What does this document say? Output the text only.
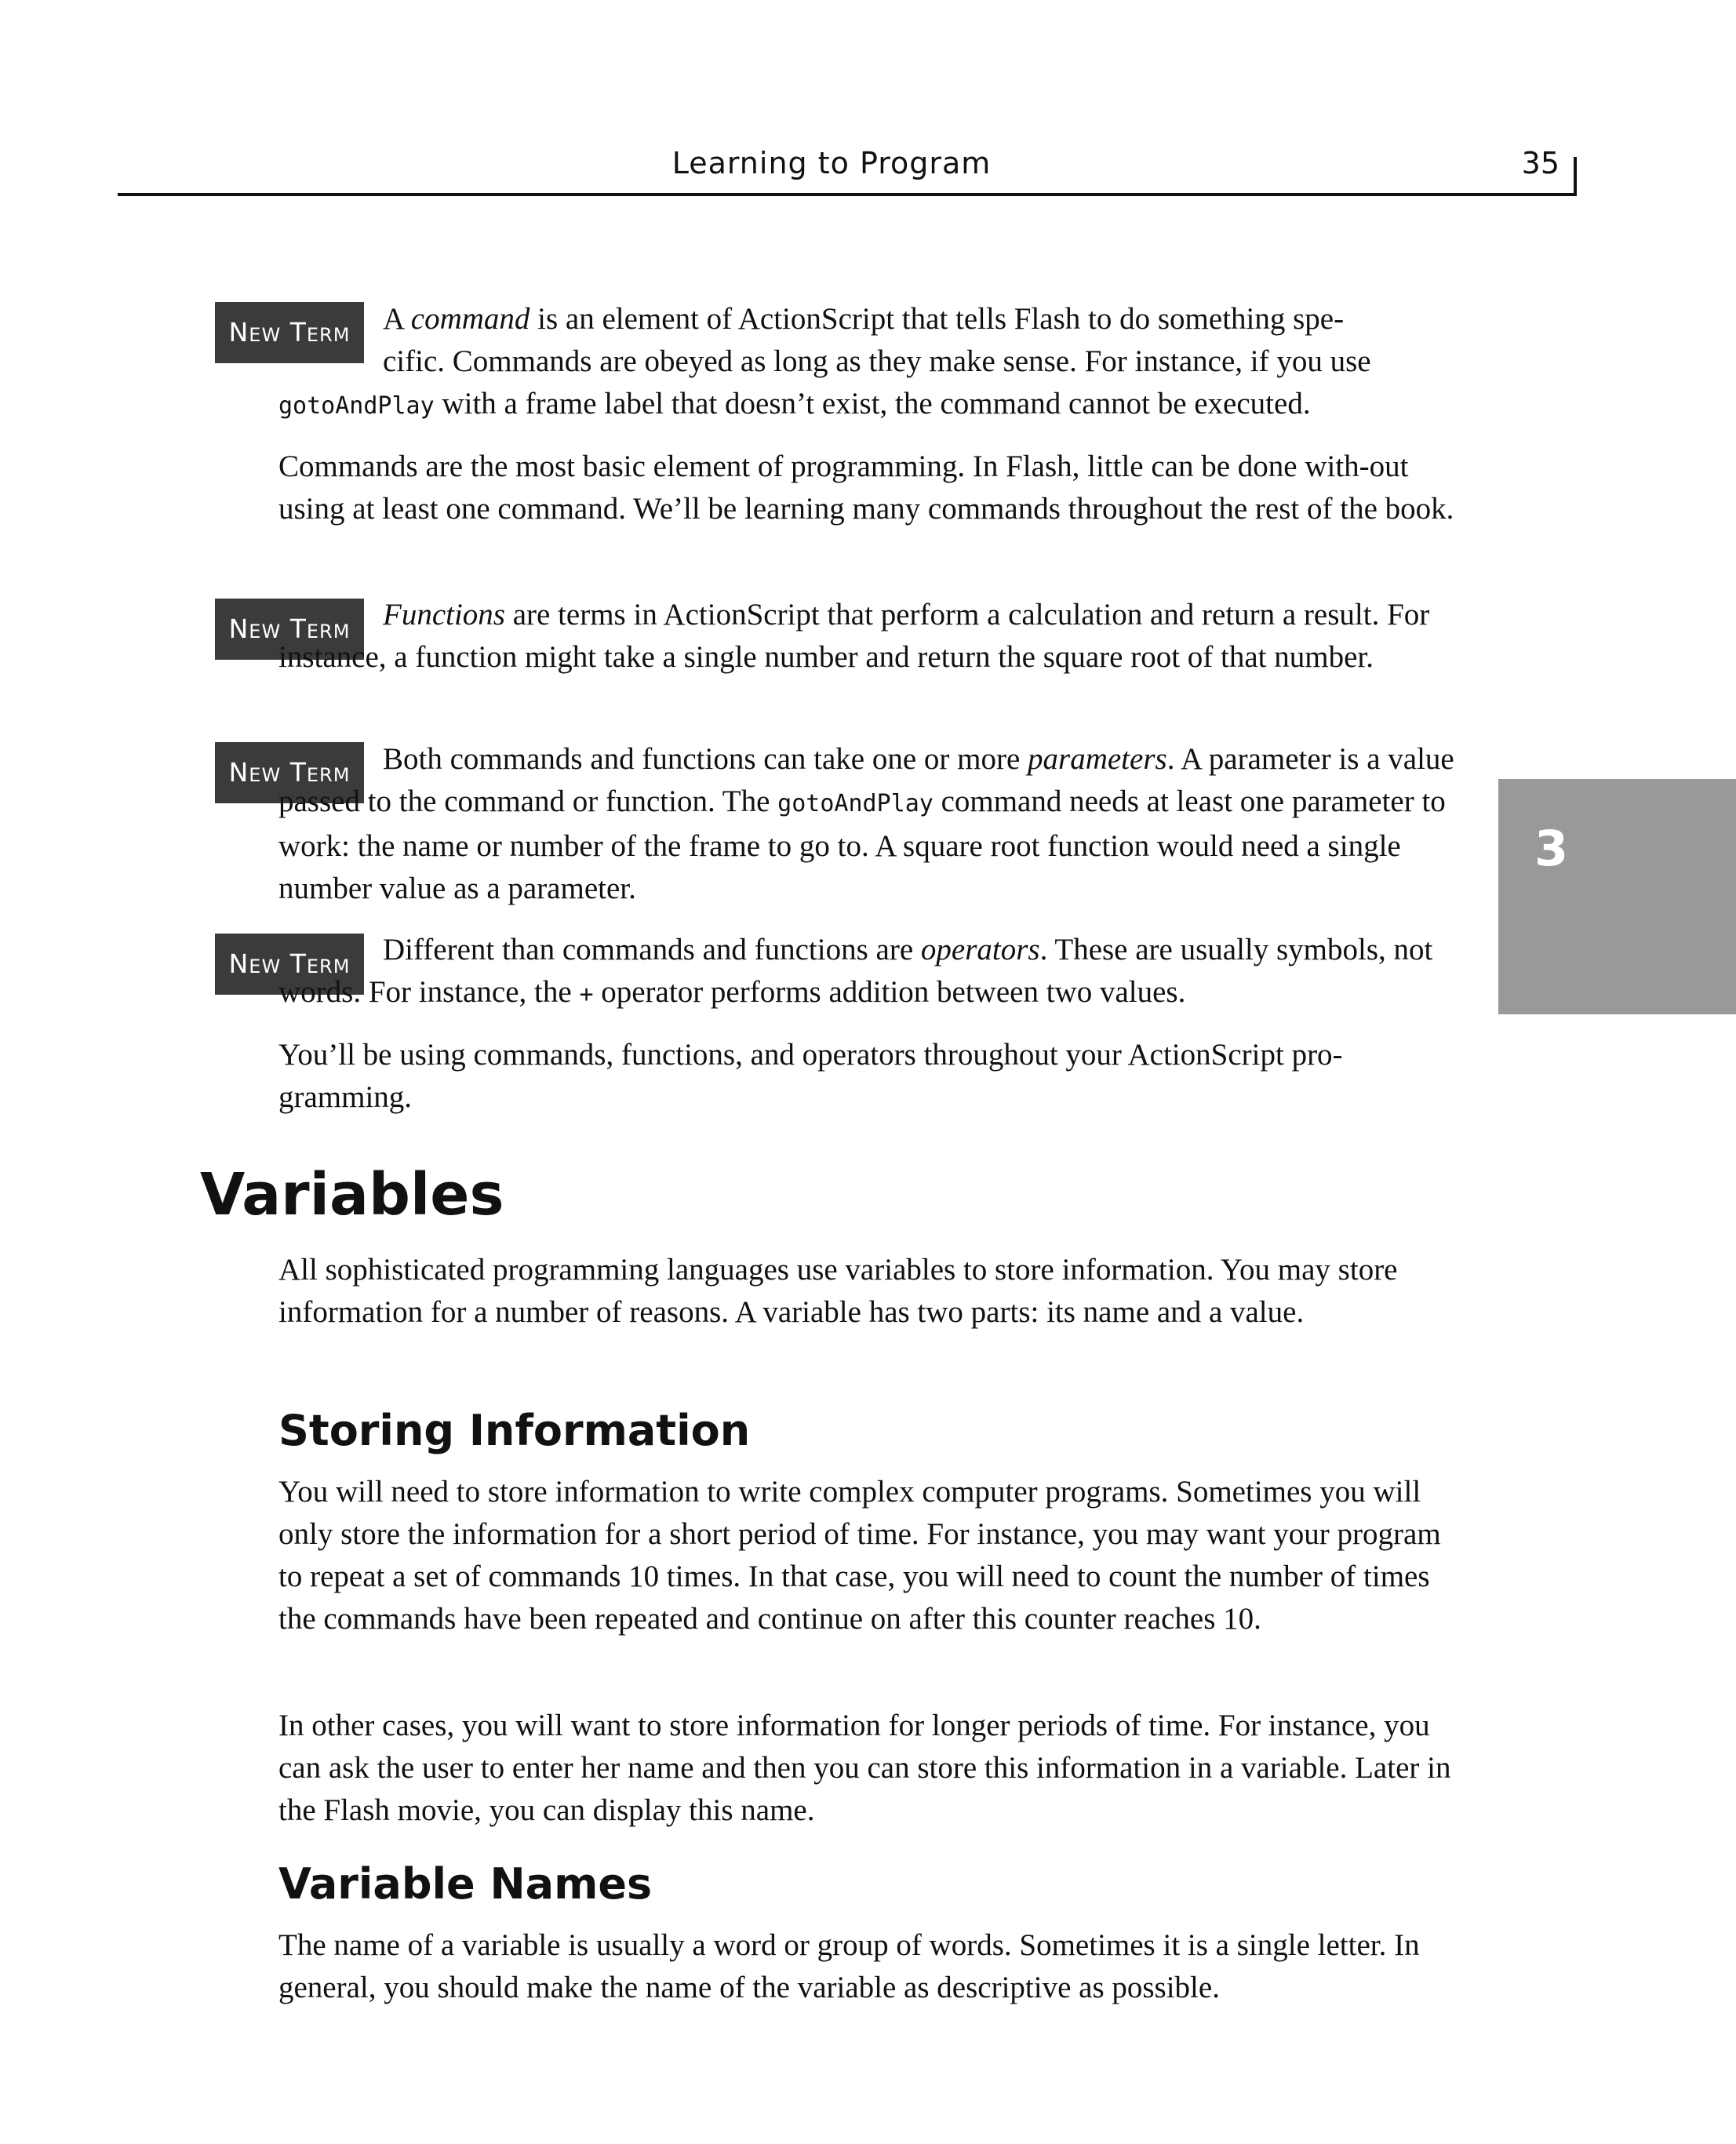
Learning to Program	35
3
NEW TERM	A command is an element of ActionScript that tells Flash to do something spe-
cific. Commands are obeyed as long as they make sense. For instance, if you use
gotoAndPlay with a frame label that doesn’t exist, the command cannot be executed.

Commands are the most basic element of programming. In Flash, little can be done with-out using at least one command. We’ll be learning many commands throughout the rest of the book.

NEW TERM	Functions are terms in ActionScript that perform a calculation and return a result. For instance, a function might take a single number and return the square root of that number.

NEW TERM	Both commands and functions can take one or more parameters. A parameter is a value passed to the command or function. The gotoAndPlay command needs at least one parameter to work: the name or number of the frame to go to. A square root function would need a single number value as a parameter.

NEW TERM	Different than commands and functions are operators. These are usually symbols, not words. For instance, the + operator performs addition between two values.

You’ll be using commands, functions, and operators throughout your ActionScript pro-gramming.

Variables

All sophisticated programming languages use variables to store information. You may store information for a number of reasons. A variable has two parts: its name and a value.

Storing Information

You will need to store information to write complex computer programs. Sometimes you will only store the information for a short period of time. For instance, you may want your program to repeat a set of commands 10 times. In that case, you will need to count the number of times the commands have been repeated and continue on after this counter reaches 10.

In other cases, you will want to store information for longer periods of time. For instance, you can ask the user to enter her name and then you can store this information in a variable. Later in the Flash movie, you can display this name.

Variable Names

The name of a variable is usually a word or group of words. Sometimes it is a single letter. In general, you should make the name of the variable as descriptive as possible.
